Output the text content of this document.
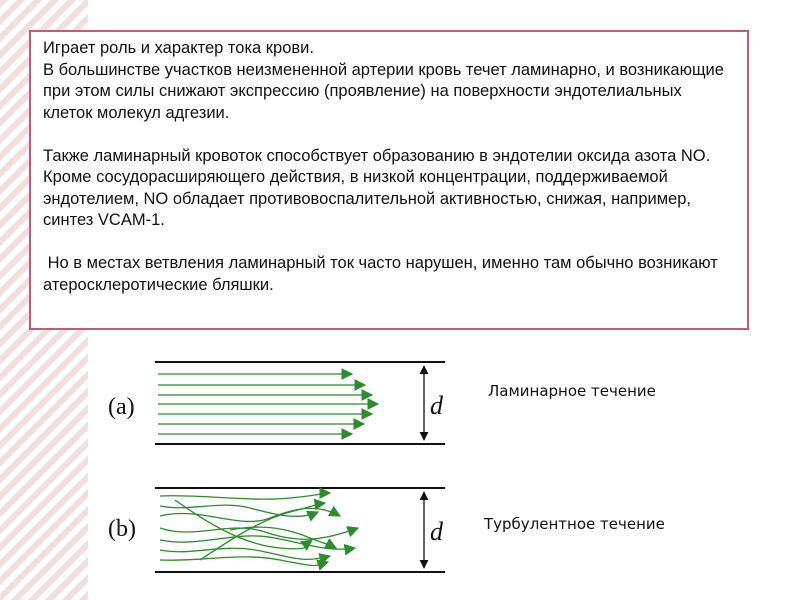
Играет роль и характер тока крови.
В большинстве участков неизмененной артерии кровь течет ламинарно, и возникающие при этом силы снижают экспрессию (проявление) на поверхности эндотелиальных клеток молекул адгезии.

Также ламинарный кровоток способствует образованию в эндотелии оксида азота NO. Кроме сосудорасширяющего действия, в низкой концентрации, поддерживаемой эндотелием, NO обладает противовоспалительной активностью, снижая, например, синтез VCAM-1.

Но в местах ветвления ламинарный ток часто нарушен, именно там обычно возникают атеросклеротические бляшки.

(a)	d
(b)	d
Ламинарное течение
Турбулентное течение
